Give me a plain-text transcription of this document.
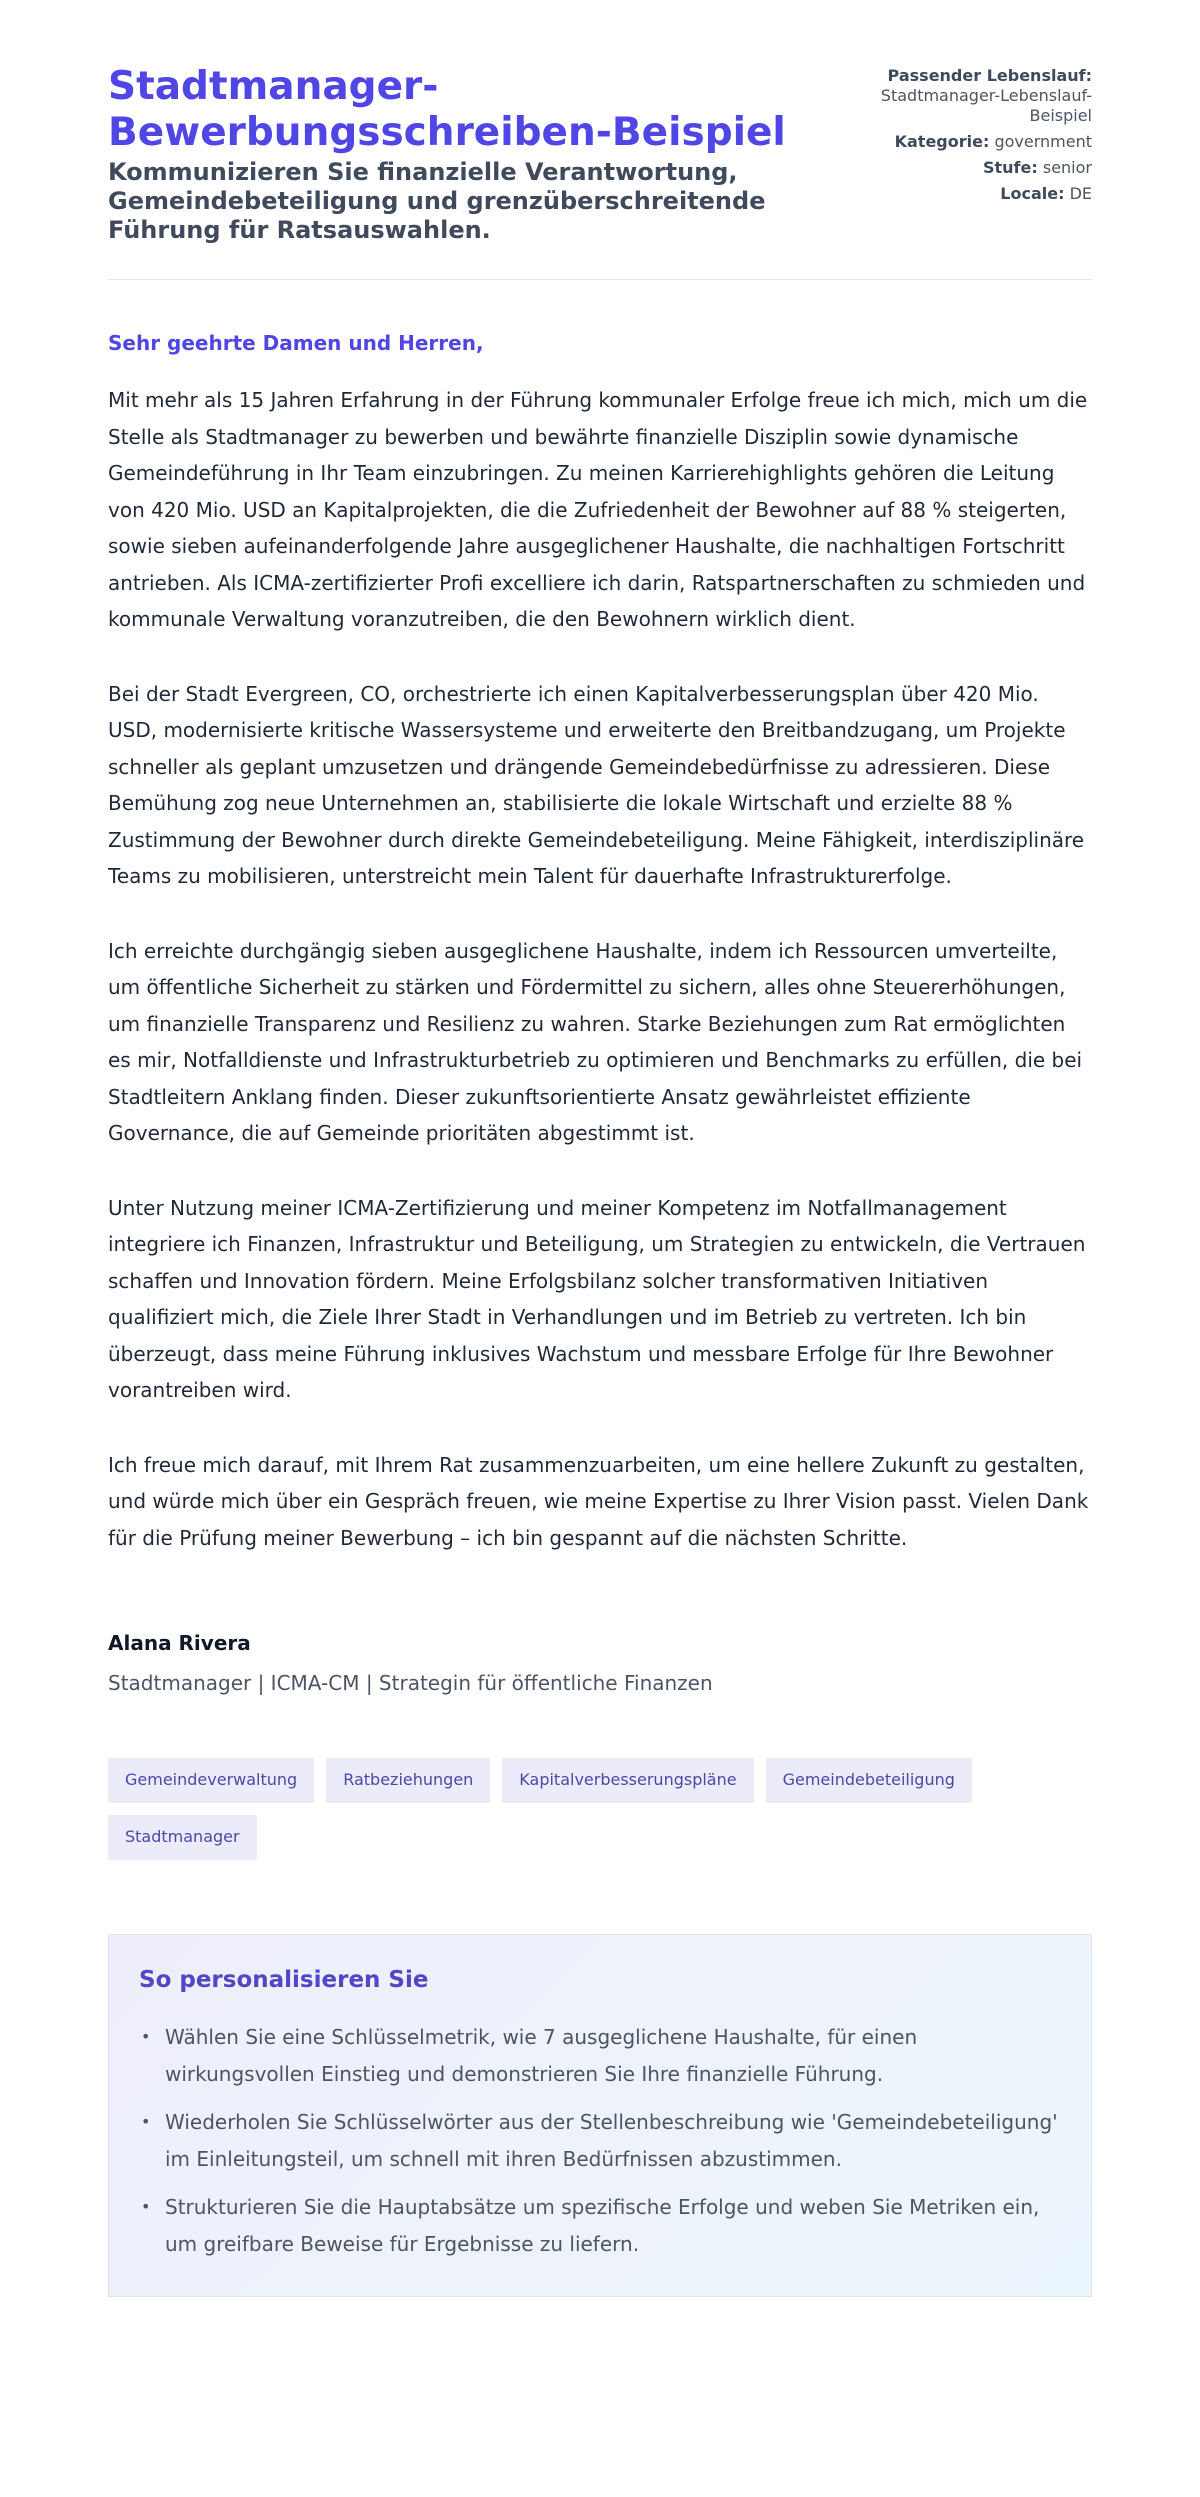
Stadtmanager-Bewerbungsschreiben-Beispiel
Kommunizieren Sie finanzielle Verantwortung, Gemeindebeteiligung und grenzüberschreitende Führung für Ratsauswahlen.
Passender Lebenslauf:
Stadtmanager-Lebenslauf-Beispiel
Kategorie: government
Stufe: senior
Locale: DE

Sehr geehrte Damen und Herren,

Mit mehr als 15 Jahren Erfahrung in der Führung kommunaler Erfolge freue ich mich, mich um die Stelle als Stadtmanager zu bewerben und bewährte finanzielle Disziplin sowie dynamische Gemeindeführung in Ihr Team einzubringen. Zu meinen Karrierehighlights gehören die Leitung von 420 Mio. USD an Kapitalprojekten, die die Zufriedenheit der Bewohner auf 88 % steigerten, sowie sieben aufeinanderfolgende Jahre ausgeglichener Haushalte, die nachhaltigen Fortschritt antrieben. Als ICMA-zertifizierter Profi excelliere ich darin, Ratspartnerschaften zu schmieden und kommunale Verwaltung voranzutreiben, die den Bewohnern wirklich dient.

Bei der Stadt Evergreen, CO, orchestrierte ich einen Kapitalverbesserungsplan über 420 Mio. USD, modernisierte kritische Wassersysteme und erweiterte den Breitbandzugang, um Projekte schneller als geplant umzusetzen und drängende Gemeindebedürfnisse zu adressieren. Diese Bemühung zog neue Unternehmen an, stabilisierte die lokale Wirtschaft und erzielte 88 % Zustimmung der Bewohner durch direkte Gemeindebeteiligung. Meine Fähigkeit, interdisziplinäre Teams zu mobilisieren, unterstreicht mein Talent für dauerhafte Infrastrukturerfolge.

Ich erreichte durchgängig sieben ausgeglichene Haushalte, indem ich Ressourcen umverteilte, um öffentliche Sicherheit zu stärken und Fördermittel zu sichern, alles ohne Steuererhöhungen, um finanzielle Transparenz und Resilienz zu wahren. Starke Beziehungen zum Rat ermöglichten es mir, Notfalldienste und Infrastrukturbetrieb zu optimieren und Benchmarks zu erfüllen, die bei Stadtleitern Anklang finden. Dieser zukunftsorientierte Ansatz gewährleistet effiziente Governance, die auf Gemeinde prioritäten abgestimmt ist.

Unter Nutzung meiner ICMA-Zertifizierung und meiner Kompetenz im Notfallmanagement integriere ich Finanzen, Infrastruktur und Beteiligung, um Strategien zu entwickeln, die Vertrauen schaffen und Innovation fördern. Meine Erfolgsbilanz solcher transformativen Initiativen qualifiziert mich, die Ziele Ihrer Stadt in Verhandlungen und im Betrieb zu vertreten. Ich bin überzeugt, dass meine Führung inklusives Wachstum und messbare Erfolge für Ihre Bewohner vorantreiben wird.

Ich freue mich darauf, mit Ihrem Rat zusammenzuarbeiten, um eine hellere Zukunft zu gestalten, und würde mich über ein Gespräch freuen, wie meine Expertise zu Ihrer Vision passt. Vielen Dank für die Prüfung meiner Bewerbung – ich bin gespannt auf die nächsten Schritte.

Alana Rivera
Stadtmanager | ICMA-CM | Strategin für öffentliche Finanzen
Gemeindeverwaltung	Ratbeziehungen	Kapitalverbesserungspläne	Gemeindebeteiligung
Stadtmanager
So personalisieren Sie
• Wählen Sie eine Schlüsselmetrik, wie 7 ausgeglichene Haushalte, für einen wirkungsvollen Einstieg und demonstrieren Sie Ihre finanzielle Führung.
• Wiederholen Sie Schlüsselwörter aus der Stellenbeschreibung wie 'Gemeindebeteiligung' im Einleitungsteil, um schnell mit ihren Bedürfnissen abzustimmen.
• Strukturieren Sie die Hauptabsätze um spezifische Erfolge und weben Sie Metriken ein, um greifbare Beweise für Ergebnisse zu liefern.
